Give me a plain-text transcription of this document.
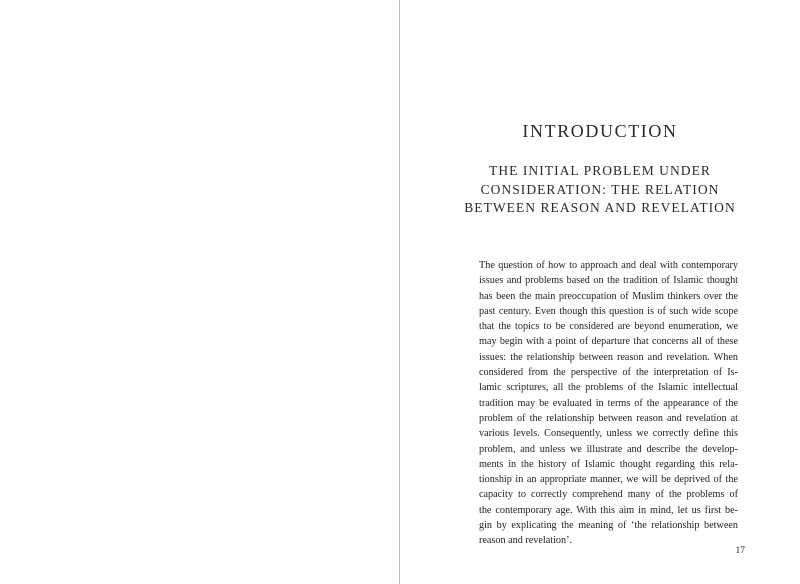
INTRODUCTION
THE INITIAL PROBLEM UNDER
CONSIDERATION: THE RELATION
BETWEEN REASON AND REVELATION
The question of how to approach and deal with contemporary
issues and problems based on the tradition of Islamic thought
has been the main preoccupation of Muslim thinkers over the
past century. Even though this question is of such wide scope
that the topics to be considered are beyond enumeration, we
may begin with a point of departure that concerns all of these
issues: the relationship between reason and revelation. When
considered from the perspective of the interpretation of Is-
lamic scriptures, all the problems of the Islamic intellectual
tradition may be evaluated in terms of the appearance of the
problem of the relationship between reason and revelation at
various levels. Consequently, unless we correctly define this
problem, and unless we illustrate and describe the develop-
ments in the history of Islamic thought regarding this rela-
tionship in an appropriate manner, we will be deprived of the
capacity to correctly comprehend many of the problems of
the contemporary age. With this aim in mind, let us first be-
gin by explicating the meaning of ‘the relationship between
reason and revelation’.
17
